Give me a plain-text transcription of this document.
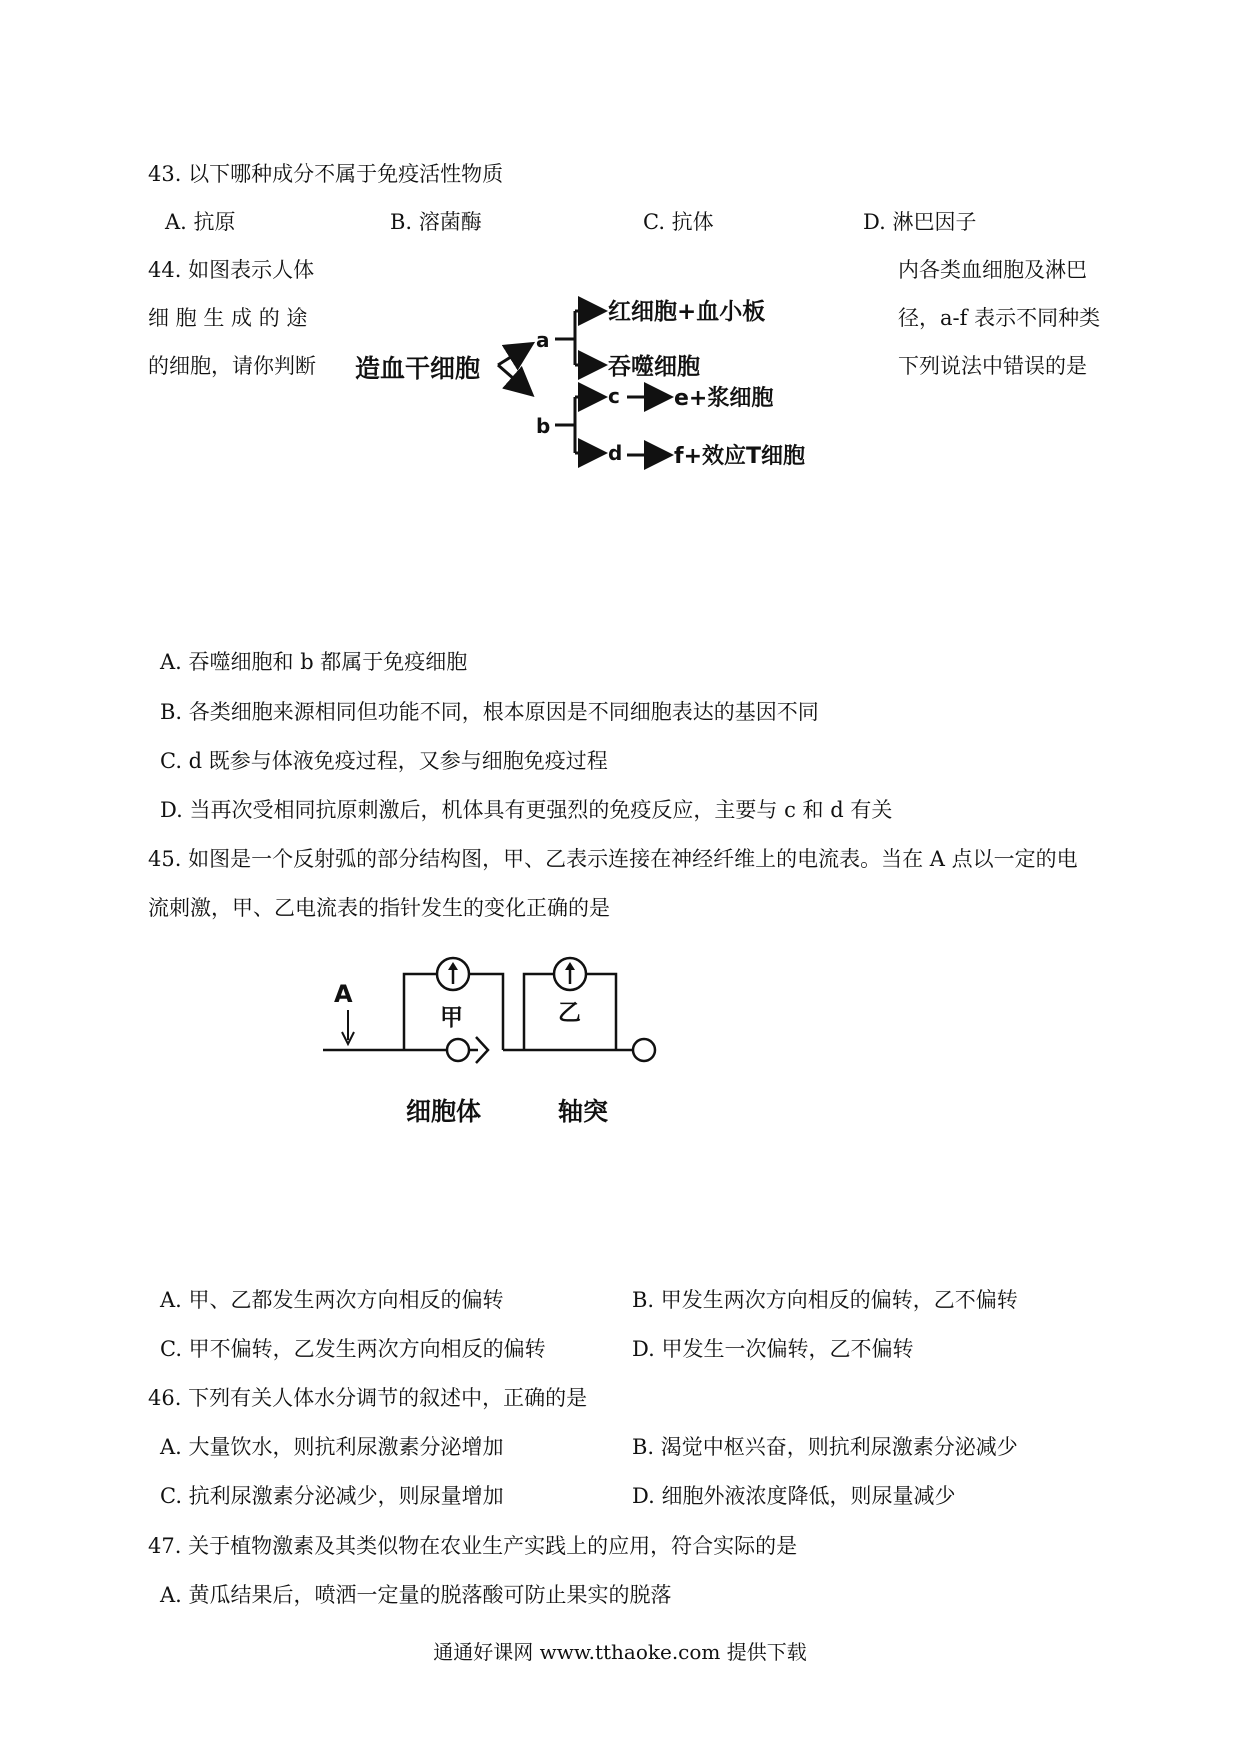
43. 以下哪种成分不属于免疫活性物质
A. 抗原	B. 溶菌酶	C. 抗体	D. 淋巴因子
44. 如图表示人体
细 胞 生 成 的 途
的细胞，请你判断
内各类血细胞及淋巴
径，a-f 表示不同种类
下列说法中错误的是
造血干细胞
a
b
红细胞+血小板
吞噬细胞
c
d
e+浆细胞
f+效应T细胞
A. 吞噬细胞和 b 都属于免疫细胞
B. 各类细胞来源相同但功能不同，根本原因是不同细胞表达的基因不同
C. d 既参与体液免疫过程，又参与细胞免疫过程
D. 当再次受相同抗原刺激后，机体具有更强烈的免疫反应，主要与 c 和 d 有关
45. 如图是一个反射弧的部分结构图，甲、乙表示连接在神经纤维上的电流表。当在 A 点以一定的电
流刺激，甲、乙电流表的指针发生的变化正确的是
A
甲	乙
细胞体	轴突
A. 甲、乙都发生两次方向相反的偏转	B. 甲发生两次方向相反的偏转，乙不偏转
C. 甲不偏转，乙发生两次方向相反的偏转	D. 甲发生一次偏转，乙不偏转
46. 下列有关人体水分调节的叙述中，正确的是
A. 大量饮水，则抗利尿激素分泌增加	B. 渴觉中枢兴奋，则抗利尿激素分泌减少
C. 抗利尿激素分泌减少，则尿量增加	D. 细胞外液浓度降低，则尿量减少
47. 关于植物激素及其类似物在农业生产实践上的应用，符合实际的是
A. 黄瓜结果后，喷洒一定量的脱落酸可防止果实的脱落
通通好课网 www.tthaoke.com 提供下载
